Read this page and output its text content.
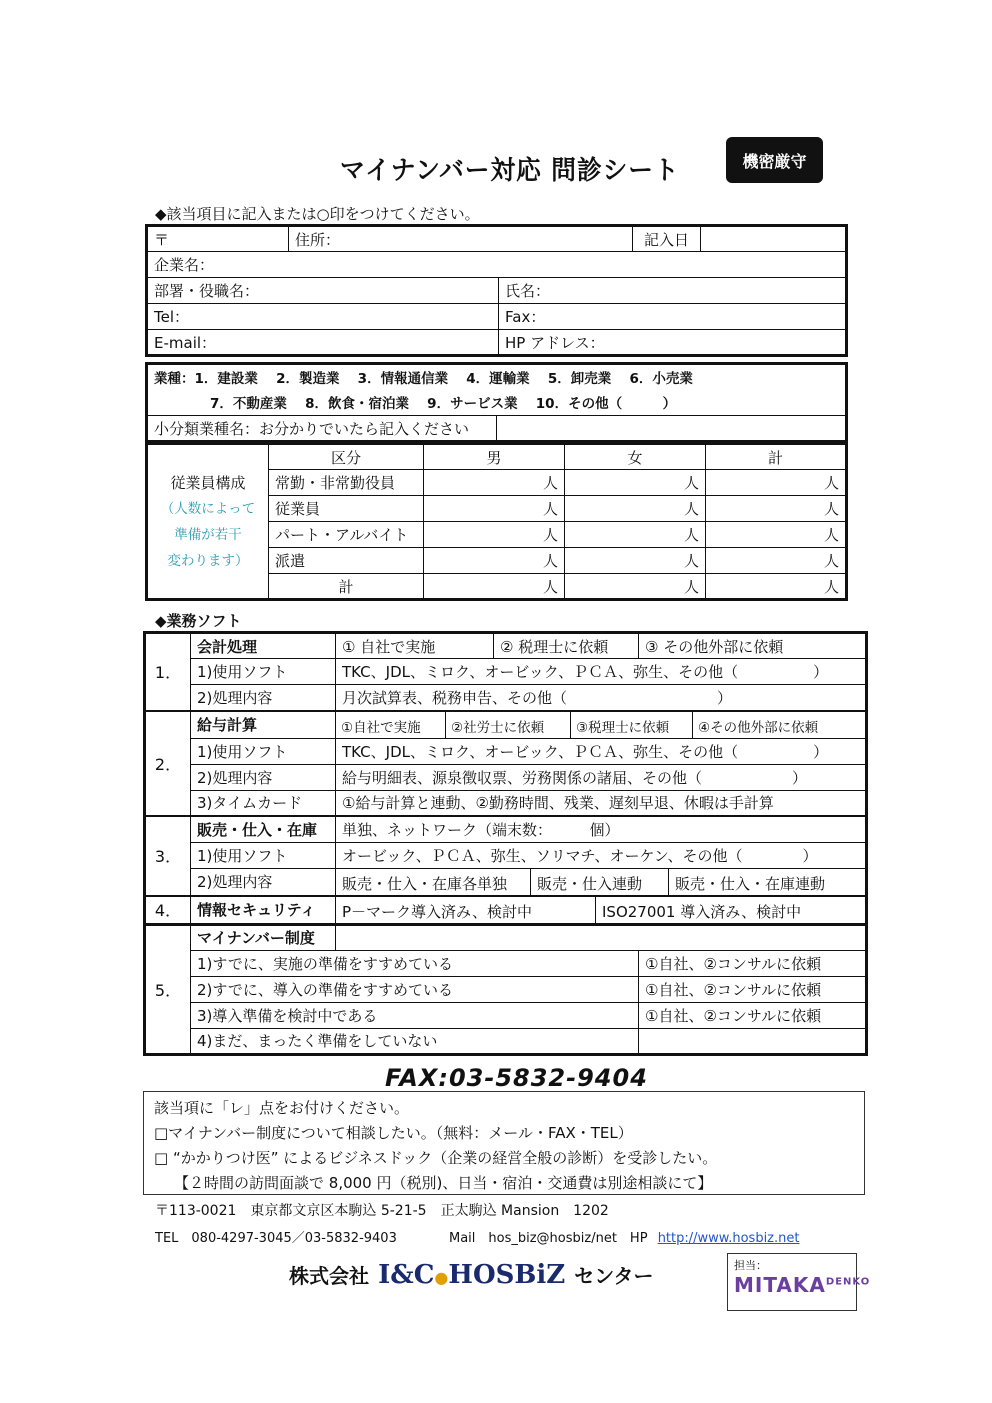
マイナンバー対応 問診シート	機密厳守
◆該当項目に記入または○印をつけてください。
〒	住所：		記入日	
企業名：				
部署・役職名：		氏名：		
Tel：		Fax：		
E-mail：		HP アドレス：		
業種：1．建設業　 2．製造業　 3．情報通信業　 4．運輸業　 5．卸売業　 6．小売業
7．不動産業　 8．飲食・宿泊業　 9．サービス業　 10．その他（　　　）
小分類業種名：お分かりでいたら記入ください	
従業員構成
（人数によって
準備が若干
変わります）	区分	男	女	計
	常勤・非常勤役員	人	人	人
	従業員	人	人	人
	パート・アルバイト	人	人	人
	派遣	人	人	人
	計	人	人	人
◆業務ソフト
1．	会計処理	① 自社で実施	② 税理士に依頼	③ その他外部に依頼
	1)使用ソフト	TKC、JDL、ミロク、オービック、ＰＣＡ、弥生、その他（　　　　　）		
	2)処理内容	月次試算表、税務申告、その他（　　　　　　　　　　）		
2．	給与計算	①自社で実施 ②社労士に依頼 ③税理士に依頼 ④その他外部に依頼		

	1)使用ソフト	TKC、JDL、ミロク、オービック、ＰＣＡ、弥生、その他（　　　　　）		
	2)処理内容	給与明細表、源泉徴収票、労務関係の諸届、その他（　　　　　　）		
	3)タイムカード	①給与計算と連動、②勤務時間、残業、遅刻早退、休暇は手計算		
3．	販売・仕入・在庫	単独、ネットワーク（端末数：　　　個）		
	1)使用ソフト	オービック、ＰＣＡ、弥生、ソリマチ、オーケン、その他（　　　　）		
	2)処理内容	販売・仕入・在庫各単独 販売・仕入連動 販売・仕入・在庫連動		

4．	情報セキュリティ	P－マーク導入済み、検討中 ISO27001 導入済み、検討中		

5．	マイナンバー制度			
	1)すでに、実施の準備をすすめている			①自社、②コンサルに依頼
	2)すでに、導入の準備をすすめている			①自社、②コンサルに依頼
	3)導入準備を検討中である			①自社、②コンサルに依頼
	4)まだ、まったく準備をしていない			
FAX:03-5832-9404
該当項に「レ」点をお付けください。
□マイナンバー制度について相談したい。（無料：メール・FAX・TEL）
□ “かかりつけ医” によるビジネスドック（企業の経営全般の診断）を受診したい。
【２時間の訪問面談で 8,000 円（税別)、日当・宿泊・交通費は別途相談にて】
〒113-0021　東京都文京区本駒込 5-21-5　正太駒込 Mansion　1202
TEL　080-4297-3045／03-5832-9403	Mail　hos_biz@hosbiz/net　HP http://www.hosbiz.net
株式会社 I&C●HOSBiZ センター	担当：
$MITAKA^{DENKO}$
